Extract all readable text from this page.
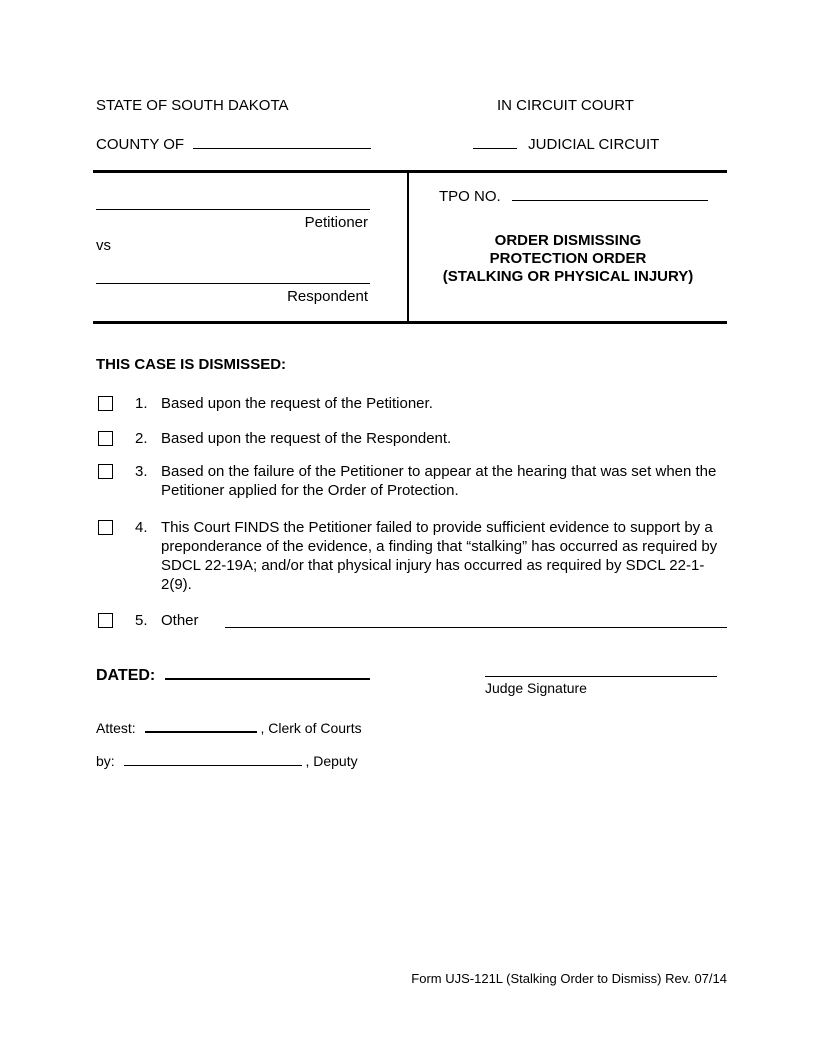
STATE OF SOUTH DAKOTA	IN CIRCUIT COURT
COUNTY OF	JUDICIAL CIRCUIT
Petitioner
vs
Respondent
TPO NO.
ORDER DISMISSING
PROTECTION ORDER
(STALKING OR PHYSICAL INJURY)
THIS CASE IS DISMISSED:
1. Based upon the request of the Petitioner.
2. Based upon the request of the Respondent.
3. Based on the failure of the Petitioner to appear at the hearing that was set when the Petitioner applied for the Order of Protection.
4. This Court FINDS the Petitioner failed to provide sufficient evidence to support by a preponderance of the evidence, a finding that “stalking” has occurred as required by SDCL 22-19A; and/or that physical injury has occurred as required by SDCL 22-1-2(9).
5. Other
DATED:
Judge Signature
Attest:	, Clerk of Courts
by:	, Deputy
Form UJS-121L (Stalking Order to Dismiss) Rev. 07/14
